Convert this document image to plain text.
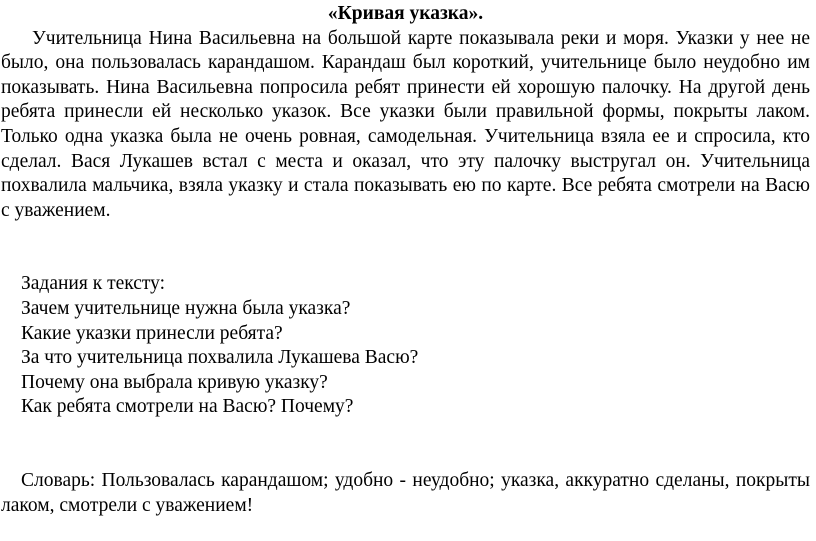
«Кривая указка».

Учительница Нина Васильевна на большой карте показывала реки и моря. Указки у нее не было, она пользовалась карандашом. Карандаш был короткий, учительнице было неудобно им показывать. Нина Васильевна попросила ребят принести ей хорошую палочку. На другой день ребята принесли ей несколько указок. Все указки были правильной формы, покрыты лаком. Только одна указка была не очень ровная, самодельная. Учительница взяла ее и спросила, кто сделал. Вася Лукашев встал с места и оказал, что эту палочку выстругал он. Учительница похвалила мальчика, взяла указку и стала показывать ею по карте. Все ребята смотрели на Васю с уважением.

Задания к тексту:

Зачем учительнице нужна была указка?

Какие указки принесли ребята?

За что учительница похвалила Лукашева Васю?

Почему она выбрала кривую указку?

Как ребята смотрели на Васю? Почему?

Словарь: Пользовалась карандашом; удобно - неудобно; указка, аккуратно сделаны, покрыты лаком, смотрели с уважением!
